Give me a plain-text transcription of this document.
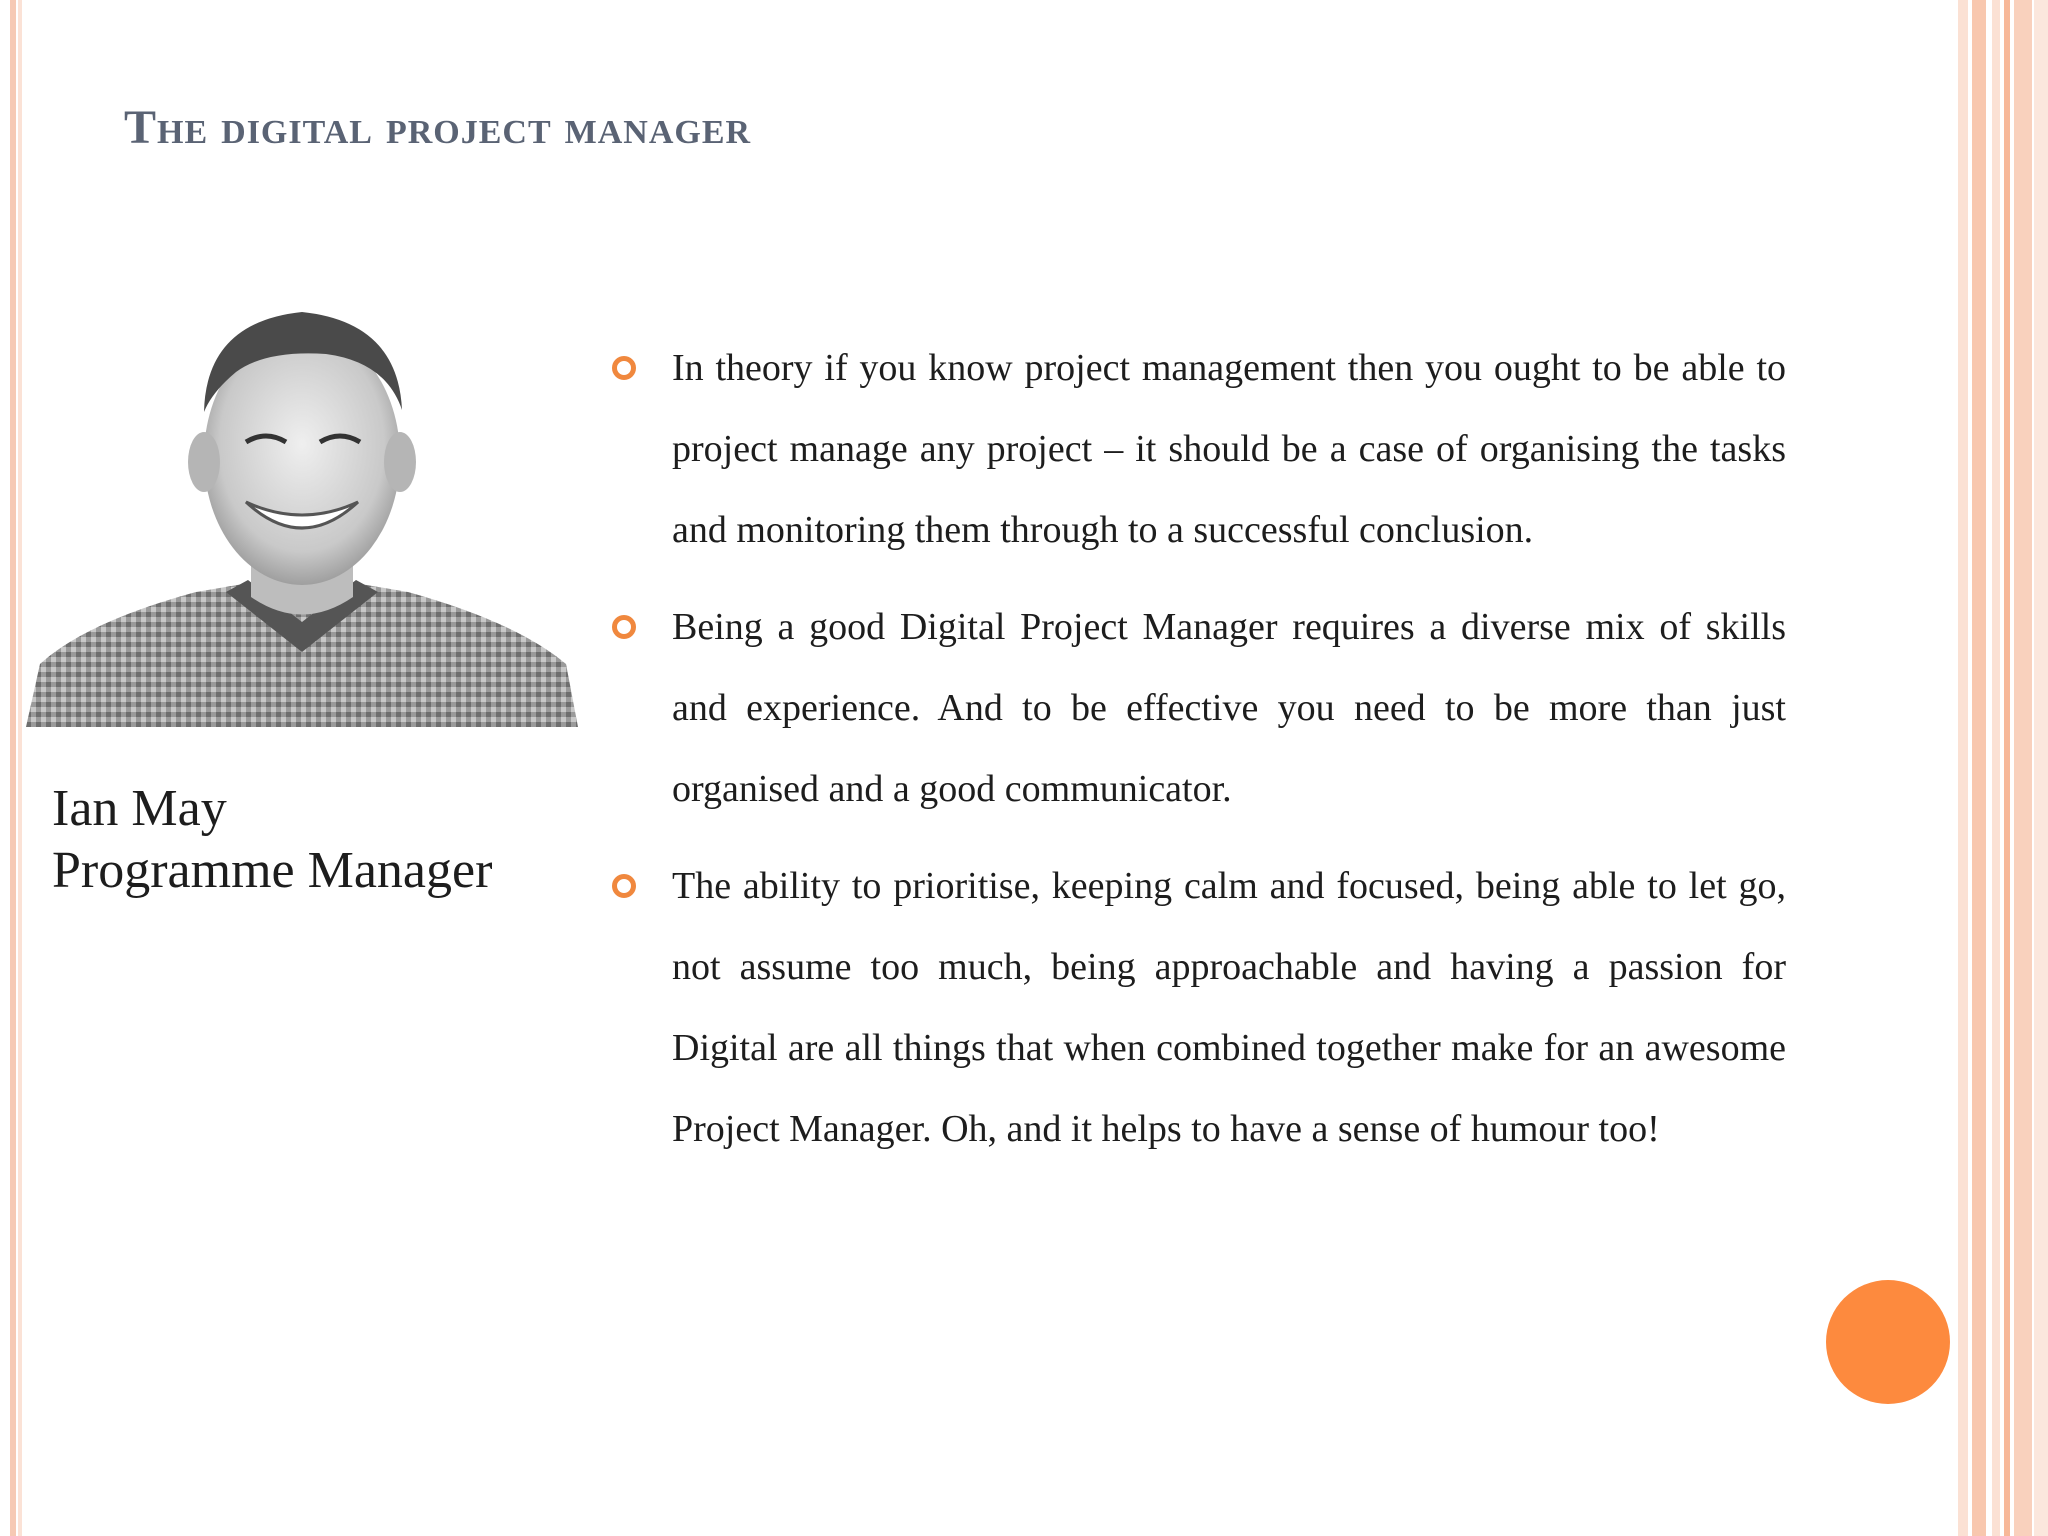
The digital project manager
Ian May
Programme Manager
In theory if you know project management then you ought to be able to project manage any project – it should be a case of organising the tasks and monitoring them through to a successful conclusion.
Being a good Digital Project Manager requires a diverse mix of skills and experience. And to be effective you need to be more than just organised and a good communicator.
The ability to prioritise, keeping calm and focused, being able to let go, not assume too much, being approachable and having a passion for Digital are all things that when combined together make for an awesome Project Manager. Oh, and it helps to have a sense of humour too!
